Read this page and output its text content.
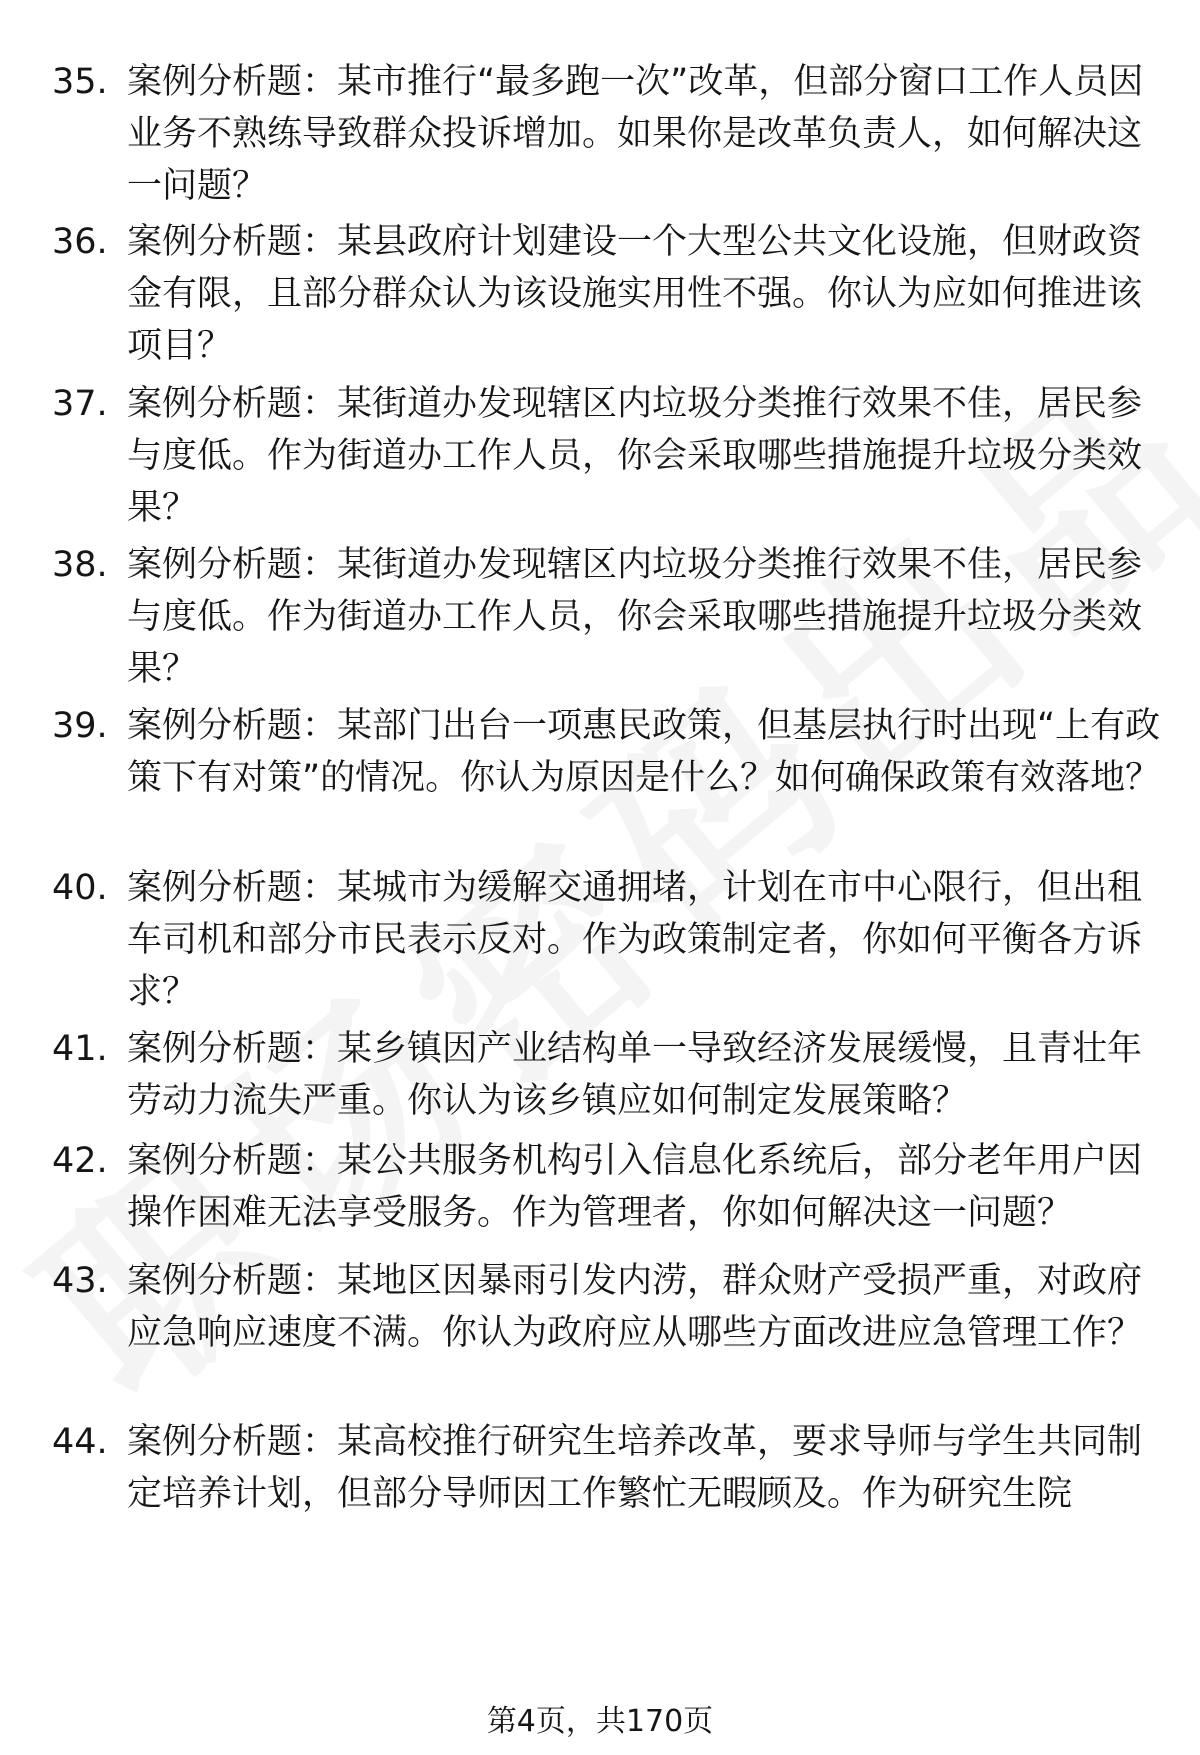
35. 案例分析题：某市推行“最多跑一次”改革，但部分窗口工作人员因业务不熟练导致群众投诉增加。如果你是改革负责人，如何解决这一问题？
36. 案例分析题：某县政府计划建设一个大型公共文化设施，但财政资金有限，且部分群众认为该设施实用性不强。你认为应如何推进该项目？
37. 案例分析题：某街道办发现辖区内垃圾分类推行效果不佳，居民参与度低。作为街道办工作人员，你会采取哪些措施提升垃圾分类效果？
38. 案例分析题：某街道办发现辖区内垃圾分类推行效果不佳，居民参与度低。作为街道办工作人员，你会采取哪些措施提升垃圾分类效果？
39. 案例分析题：某部门出台一项惠民政策，但基层执行时出现“上有政策下有对策”的情况。你认为原因是什么？如何确保政策有效落地？
40. 案例分析题：某城市为缓解交通拥堵，计划在市中心限行，但出租车司机和部分市民表示反对。作为政策制定者，你如何平衡各方诉求？
41. 案例分析题：某乡镇因产业结构单一导致经济发展缓慢，且青壮年劳动力流失严重。你认为该乡镇应如何制定发展策略？
42. 案例分析题：某公共服务机构引入信息化系统后，部分老年用户因操作困难无法享受服务。作为管理者，你如何解决这一问题？
43. 案例分析题：某地区因暴雨引发内涝，群众财产受损严重，对政府应急响应速度不满。你认为政府应从哪些方面改进应急管理工作？
44. 案例分析题：某高校推行研究生培养改革，要求导师与学生共同制定培养计划，但部分导师因工作繁忙无暇顾及。作为研究生院
第4页，共170页
